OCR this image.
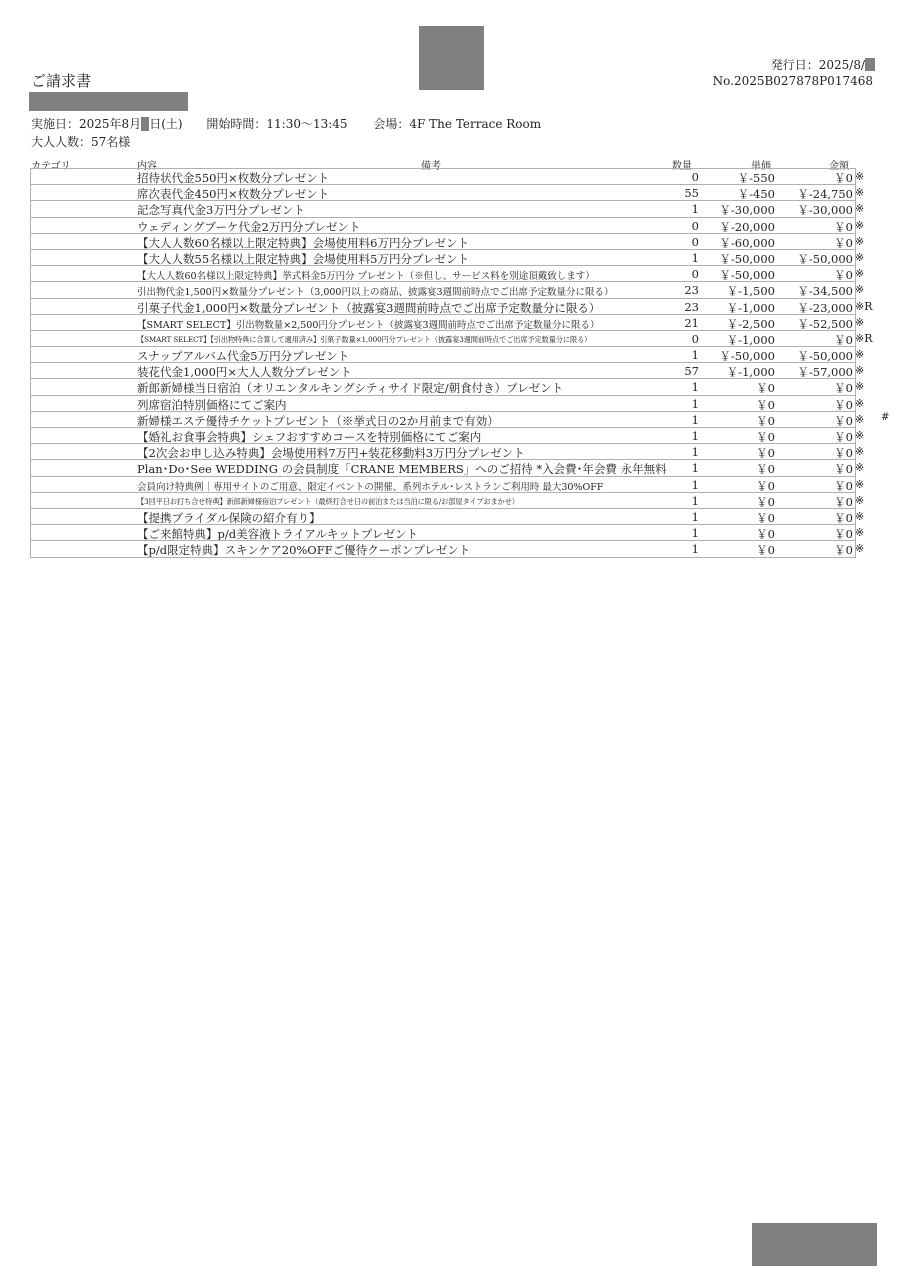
ご請求書
発行日：2025/8/
No.2025B027878P017468
実施日：2025年8月 日(土) 開始時間：11:30～13:45 会場：4F The Terrace Room
大人人数：57名様
カテゴリ	内容	備考	数量	単価	金額
招待状代金550円×枚数分プレゼント	0	￥-550	￥0 ※
席次表代金450円×枚数分プレゼント	55	￥-450	￥-24,750 ※
記念写真代金3万円分プレゼント	1	￥-30,000	￥-30,000 ※
ウェディングブーケ代金2万円分プレゼント	0	￥-20,000	￥0 ※
【大人人数60名様以上限定特典】会場使用料6万円分プレゼント	0	￥-60,000	￥0 ※
【大人人数55名様以上限定特典】会場使用料5万円分プレゼント	1	￥-50,000	￥-50,000 ※
【大人人数60名様以上限定特典】挙式料金5万円分 プレゼント（※但し、サービス料を別途頂戴致します）	0	￥-50,000	￥0 ※
引出物代金1,500円×数量分プレゼント（3,000円以上の商品、披露宴3週間前時点でご出席予定数量分に限る）	23	￥-1,500	￥-34,500 ※
引菓子代金1,000円×数量分プレゼント（披露宴3週間前時点でご出席予定数量分に限る）	23	￥-1,000	￥-23,000 ※R
【SMART SELECT】引出物数量×2,500円分プレゼント（披露宴3週間前時点でご出席予定数量分に限る）	21	￥-2,500	￥-52,500 ※
【SMART SELECT】【引出物特典に合算して適用済み】引菓子数量×1,000円分プレゼント（披露宴3週間前時点でご出席予定数量分に限る）	0	￥-1,000	￥0 ※R
スナップアルバム代金5万円分プレゼント	1	￥-50,000	￥-50,000 ※
装花代金1,000円×大人人数分プレゼント	57	￥-1,000	￥-57,000 ※
新郎新婦様当日宿泊（オリエンタルキングシティサイド限定/朝食付き）プレゼント	1	￥0	￥0 ※
列席宿泊特別価格にてご案内	1	￥0	￥0 ※
新婦様エステ優待チケットプレゼント（※挙式日の2か月前まで有効）	1	￥0	￥0 ※ #
【婚礼お食事会特典】シェフおすすめコースを特別価格にてご案内	1	￥0	￥0 ※
【2次会お申し込み特典】会場使用料7万円+装花移動料3万円分プレゼント	1	￥0	￥0 ※
Plan･Do･See WEDDING の会員制度「CRANE MEMBERS」へのご招待 *入会費･年会費 永年無料	1	￥0	￥0 ※
会員向け特典例｜専用サイトのご用意、限定イベントの開催、系列ホテル･レストランご利用時 最大30%OFF	1	￥0	￥0 ※
【3回平日お打ち合せ特典】新郎新婦様宿泊プレゼント（最終打合せ日の前泊または当泊に限る/お部屋タイプおまかせ）	1	￥0	￥0 ※
【提携ブライダル保険の紹介有り】	1	￥0	￥0 ※
【ご来館特典】p/d美容液トライアルキットプレゼント	1	￥0	￥0 ※
【p/d限定特典】スキンケア20%OFFご優待クーポンプレゼント	1	￥0	￥0 ※
